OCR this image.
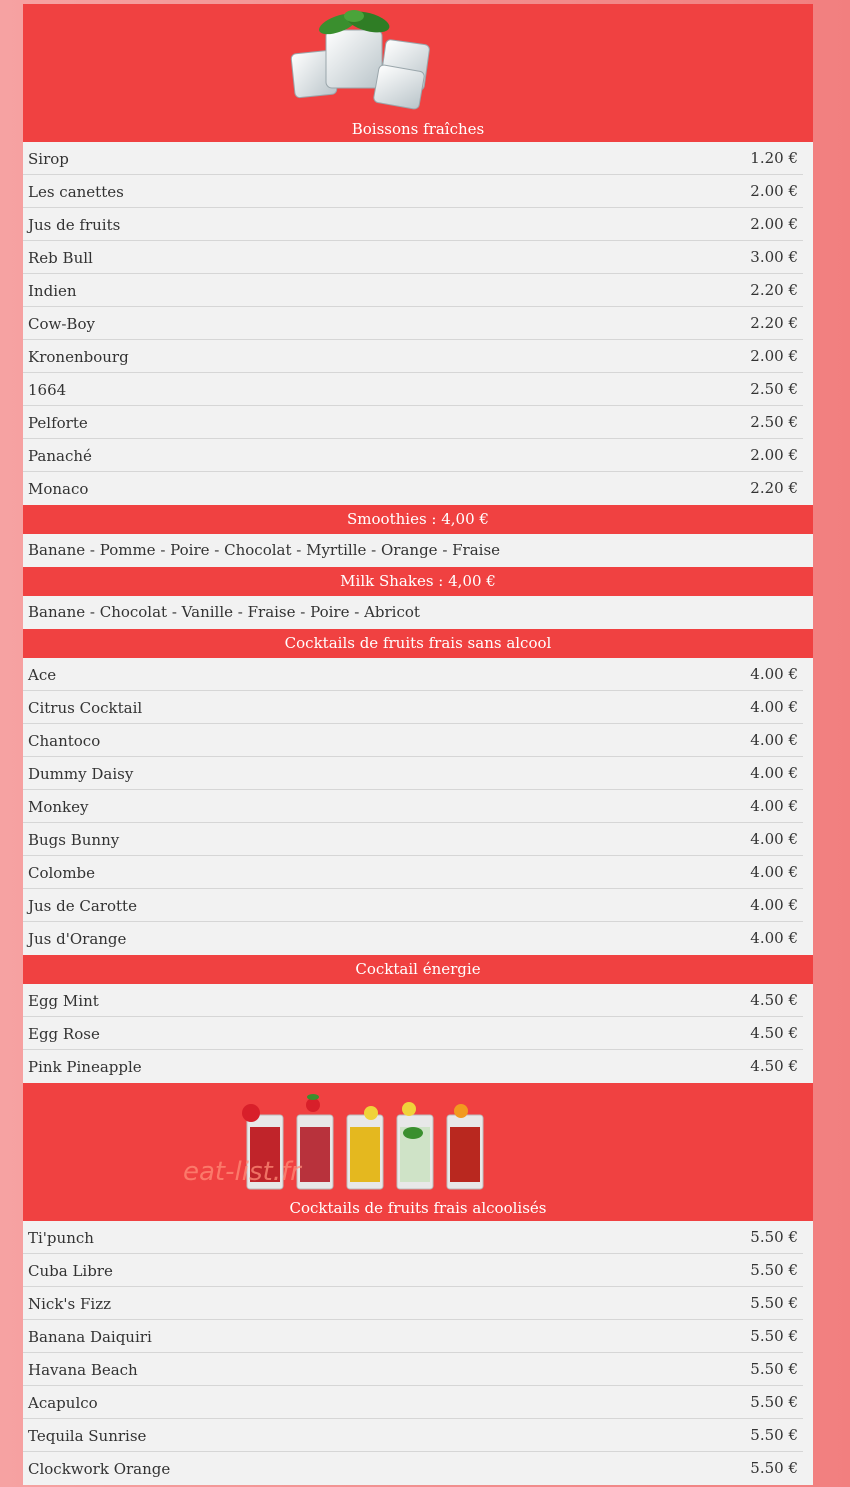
Boissons fraîches
Sirop	1.20 €
Les canettes	2.00 €
Jus de fruits	2.00 €
Reb Bull	3.00 €
Indien	2.20 €
Cow-Boy	2.20 €
Kronenbourg	2.00 €
1664	2.50 €
Pelforte	2.50 €
Panaché	2.00 €
Monaco	2.20 €
Smoothies : 4,00 €
Banane - Pomme - Poire - Chocolat - Myrtille - Orange - Fraise
Milk Shakes : 4,00 €
Banane - Chocolat - Vanille - Fraise - Poire - Abricot
Cocktails de fruits frais sans alcool
Ace	4.00 €
Citrus Cocktail	4.00 €
Chantoco	4.00 €
Dummy Daisy	4.00 €
Monkey	4.00 €
Bugs Bunny	4.00 €
Colombe	4.00 €
Jus de Carotte	4.00 €
Jus d'Orange	4.00 €
Cocktail énergie
Egg Mint	4.50 €
Egg Rose	4.50 €
Pink Pineapple	4.50 €
eat-list.fr
Cocktails de fruits frais alcoolisés
Ti'punch	5.50 €
Cuba Libre	5.50 €
Nick's Fizz	5.50 €
Banana Daiquiri	5.50 €
Havana Beach	5.50 €
Acapulco	5.50 €
Tequila Sunrise	5.50 €
Clockwork Orange	5.50 €
